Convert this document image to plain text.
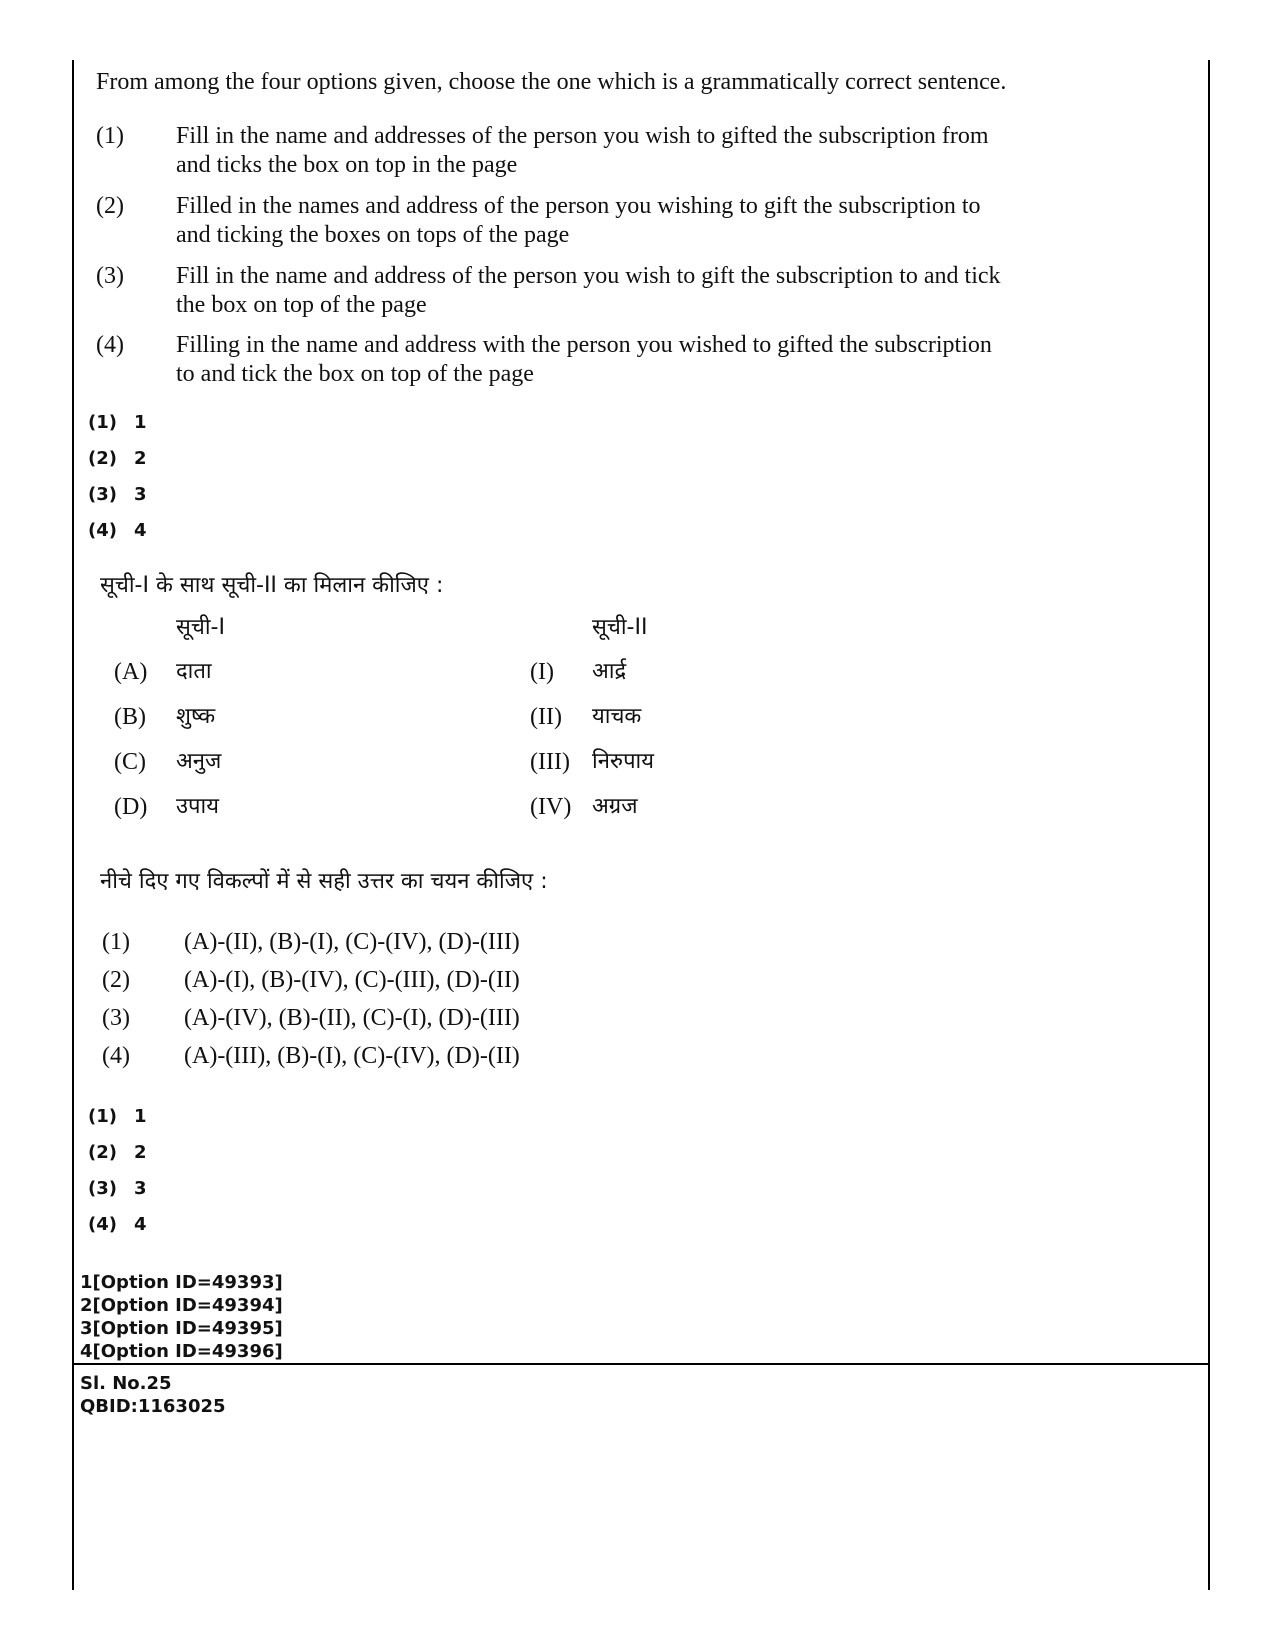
From among the four options given, choose the one which is a grammatically correct sentence.
(1) Fill in the name and addresses of the person you wish to gifted the subscription from
and ticks the box on top in the page
(2) Filled in the names and address of the person you wishing to gift the subscription to
and ticking the boxes on tops of the page
(3) Fill in the name and address of the person you wish to gift the subscription to and tick
the box on top of the page
(4) Filling in the name and address with the person you wished to gifted the subscription
to and tick the box on top of the page
(1) 1
(2) 2
(3) 3
(4) 4
सूची-I के साथ सूची-II का मिलान कीजिए :
सूची-I	सूची-II
(A) दाता
(B) शुष्क
(C) अनुज
(D) उपाय
(I) आर्द्र
(II) याचक
(III) निरुपाय
(IV) अग्रज
नीचे दिए गए विकल्पों में से सही उत्तर का चयन कीजिए :
(1) (A)-(II), (B)-(I), (C)-(IV), (D)-(III)
(2) (A)-(I), (B)-(IV), (C)-(III), (D)-(II)
(3) (A)-(IV), (B)-(II), (C)-(I), (D)-(III)
(4) (A)-(III), (B)-(I), (C)-(IV), (D)-(II)
(1) 1
(2) 2
(3) 3
(4) 4
1[Option ID=49393]
2[Option ID=49394]
3[Option ID=49395]
4[Option ID=49396]
Sl. No.25
QBID:1163025
